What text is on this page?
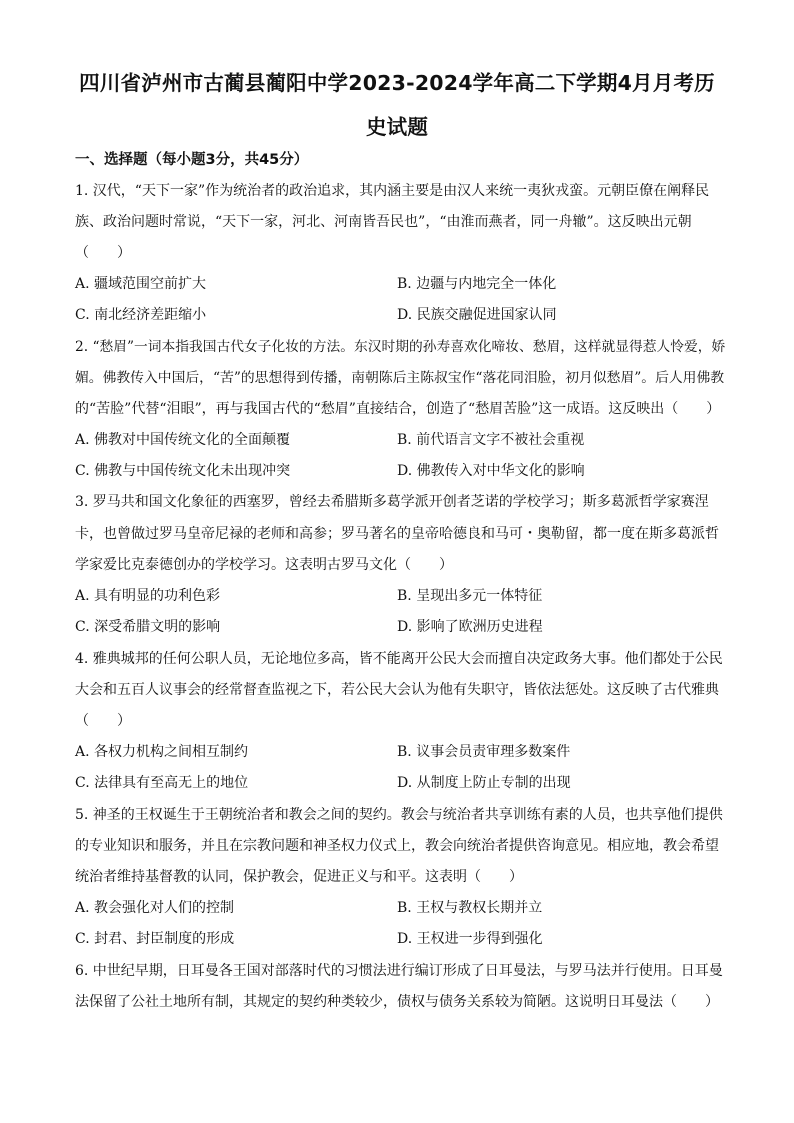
四川省泸州市古蔺县蔺阳中学2023-2024学年高二下学期4月月考历
史试题
一、选择题（每小题3分，共45分）
1. 汉代，“天下一家”作为统治者的政治追求，其内涵主要是由汉人来统一夷狄戎蛮。元朝臣僚在阐释民
族、政治问题时常说，“天下一家，河北、河南皆吾民也”，“由淮而燕者，同一舟辙”。这反映出元朝
（　　）
A. 疆域范围空前扩大	B. 边疆与内地完全一体化
C. 南北经济差距缩小	D. 民族交融促进国家认同
2. “愁眉”一词本指我国古代女子化妆的方法。东汉时期的孙寿喜欢化啼妆、愁眉，这样就显得惹人怜爱，娇
媚。佛教传入中国后，“苦”的思想得到传播，南朝陈后主陈叔宝作“落花同泪脸，初月似愁眉”。后人用佛教
的“苦脸”代替“泪眼”，再与我国古代的“愁眉”直接结合，创造了“愁眉苦脸”这一成语。这反映出（　　）
A. 佛教对中国传统文化的全面颠覆	B. 前代语言文字不被社会重视
C. 佛教与中国传统文化未出现冲突	D. 佛教传入对中华文化的影响
3. 罗马共和国文化象征的西塞罗，曾经去希腊斯多葛学派开创者芝诺的学校学习；斯多葛派哲学家赛涅
卡，也曾做过罗马皇帝尼禄的老师和高参；罗马著名的皇帝哈德良和马可・奥勒留，都一度在斯多葛派哲
学家爱比克泰德创办的学校学习。这表明古罗马文化（　　）
A. 具有明显的功利色彩	B. 呈现出多元一体特征
C. 深受希腊文明的影响	D. 影响了欧洲历史进程
4. 雅典城邦的任何公职人员，无论地位多高，皆不能离开公民大会而擅自决定政务大事。他们都处于公民
大会和五百人议事会的经常督查监视之下，若公民大会认为他有失职守，皆依法惩处。这反映了古代雅典
（　　）
A. 各权力机构之间相互制约	B. 议事会员责审理多数案件
C. 法律具有至高无上的地位	D. 从制度上防止专制的出现
5. 神圣的王权诞生于王朝统治者和教会之间的契约。教会与统治者共享训练有素的人员，也共享他们提供
的专业知识和服务，并且在宗教问题和神圣权力仪式上，教会向统治者提供咨询意见。相应地，教会希望
统治者维持基督教的认同，保护教会，促进正义与和平。这表明（　　）
A. 教会强化对人们的控制	B. 王权与教权长期并立
C. 封君、封臣制度的形成	D. 王权进一步得到强化
6. 中世纪早期，日耳曼各王国对部落时代的习惯法进行编订形成了日耳曼法，与罗马法并行使用。日耳曼
法保留了公社土地所有制，其规定的契约种类较少，债权与债务关系较为简陋。这说明日耳曼法（　　）
